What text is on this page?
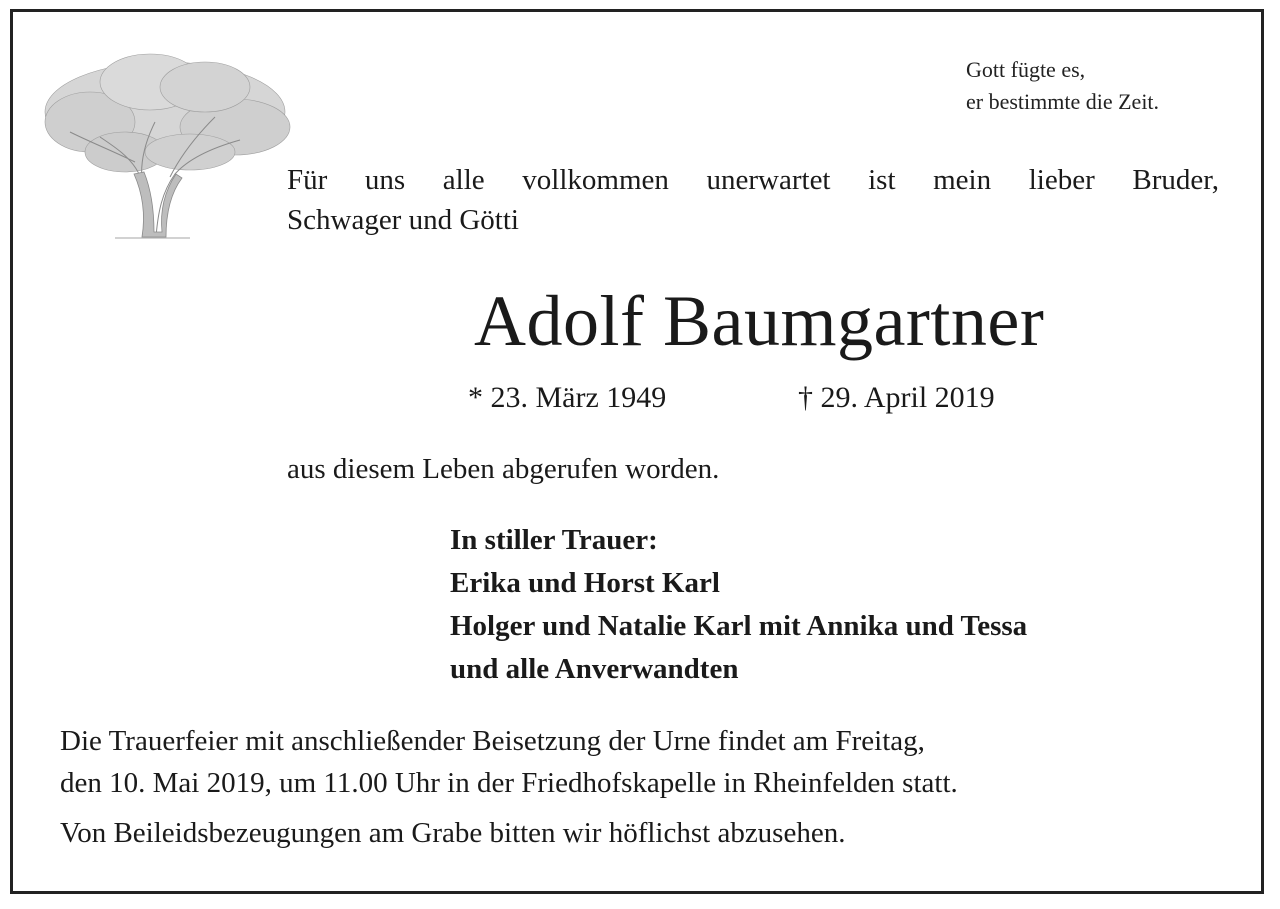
Gott fügte es,
er bestimmte die Zeit.
Für uns alle vollkommen unerwartet ist mein lieber Bruder,
Schwager und Götti
Adolf Baumgartner
* 23. März 1949	† 29. April 2019
aus diesem Leben abgerufen worden.
In stiller Trauer:
Erika und Horst Karl
Holger und Natalie Karl mit Annika und Tessa
und alle Anverwandten
Die Trauerfeier mit anschließender Beisetzung der Urne findet am Freitag,
den 10. Mai 2019, um 11.00 Uhr in der Friedhofskapelle in Rheinfelden statt.
Von Beileidsbezeugungen am Grabe bitten wir höflichst abzusehen.
